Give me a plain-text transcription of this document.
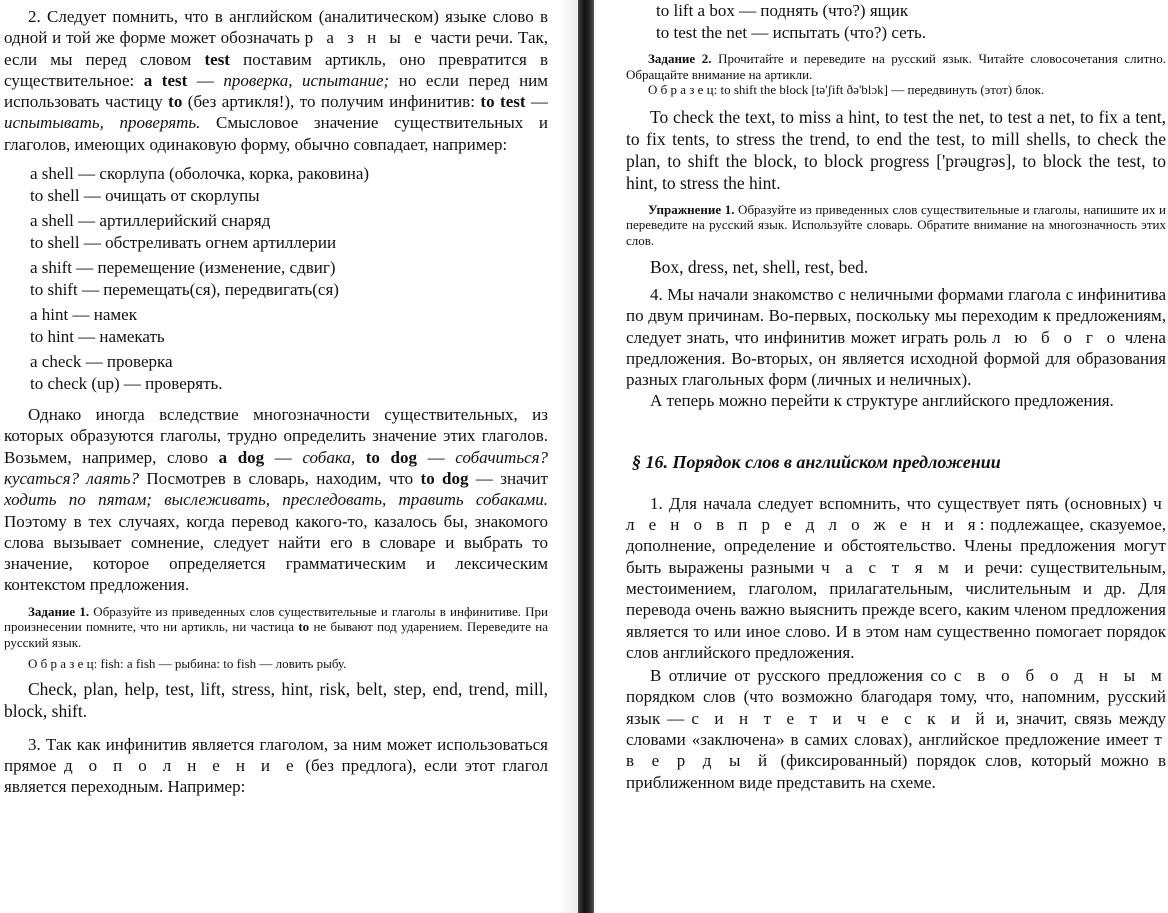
2. Следует помнить, что в английском (аналитическом) языке слово в одной и той же форме может обозначать р а з н ы е части речи. Так, если мы перед словом test поставим артикль, оно превратится в существительное: a test — проверка, испытание; но если перед ним использовать частицу to (без артикля!), то получим инфинитив: to test — испытывать, проверять. Смысловое значение существительных и глаголов, имеющих одинаковую форму, обычно совпадает, например:

a shell — скорлупа (оболочка, корка, раковина)
to shell — очищать от скорлупы
a shell — артиллерийский снаряд
to shell — обстреливать огнем артиллерии
a shift — перемещение (изменение, сдвиг)
to shift — перемещать(ся), передвигать(ся)
a hint — намек
to hint — намекать
a check — проверка
to check (up) — проверять.

Однако иногда вследствие многозначности существительных, из которых образуются глаголы, трудно определить значение этих глаголов. Возьмем, например, слово a dog — собака, to dog — собачиться? кусаться? лаять? Посмотрев в словарь, находим, что to dog — значит ходить по пятам; выслеживать, преследовать, травить собаками. Поэтому в тех случаях, когда перевод какого-то, казалось бы, знакомого слова вызывает сомнение, следует найти его в словаре и выбрать то значение, которое определяется грамматическим и лексическим контекстом предложения.

Задание 1. Образуйте из приведенных слов существительные и глаголы в инфинитиве. При произнесении помните, что ни артикль, ни частица to не бывают под ударением. Переведите на русский язык.

О б р а з е ц: fish: a fish — рыбина: to fish — ловить рыбу.

Check, plan, help, test, lift, stress, hint, risk, belt, step, end, trend, mill, block, shift.

3. Так как инфинитив является глаголом, за ним может использоваться прямое д о п о л н е н и е (без предлога), если этот глагол является переходным. Например:

to lift a box — поднять (что?) ящик
to test the net — испытать (что?) сеть.

Задание 2. Прочитайте и переведите на русский язык. Читайте словосочетания слитно. Обращайте внимание на артикли.

О б р а з е ц: to shift the block [tə'ʃift ðə'blɔk] — передвинуть (этот) блок.

To check the text, to miss a hint, to test the net, to test a net, to fix a tent, to fix tents, to stress the trend, to end the test, to mill shells, to check the plan, to shift the block, to block progress ['prəugrəs], to block the test, to hint, to stress the hint.

Упражнение 1. Образуйте из приведенных слов существительные и глаголы, напишите их и переведите на русский язык. Используйте словарь. Обратите внимание на многозначность этих слов.

Box, dress, net, shell, rest, bed.

4. Мы начали знакомство с неличными формами глагола с инфинитива по двум причинам. Во-первых, поскольку мы переходим к предложениям, следует знать, что инфинитив может играть роль л ю б о г о члена предложения. Во-вторых, он является исходной формой для образования разных глагольных форм (личных и неличных).

А теперь можно перейти к структуре английского предложения.

§ 16. Порядок слов в английском предложении

1. Для начала следует вспомнить, что существует пять (основных) ч л е н о в п р е д л о ж е н и я: подлежащее, сказуемое, дополнение, определение и обстоятельство. Члены предложения могут быть выражены разными ч а с т я м и речи: существительным, местоимением, глаголом, прилагательным, числительным и др. Для перевода очень важно выяснить прежде всего, каким членом предложения является то или иное слово. И в этом нам существенно помогает порядок слов английского предложения.

В отличие от русского предложения со с в о б о д н ы м порядком слов (что возможно благодаря тому, что, напомним, русский язык — с и н т е т и ч е с к и й и, значит, связь между словами «заключена» в самих словах), английское предложение имеет т в е р д ы й (фиксированный) порядок слов, который можно в приближенном виде представить на схеме.
